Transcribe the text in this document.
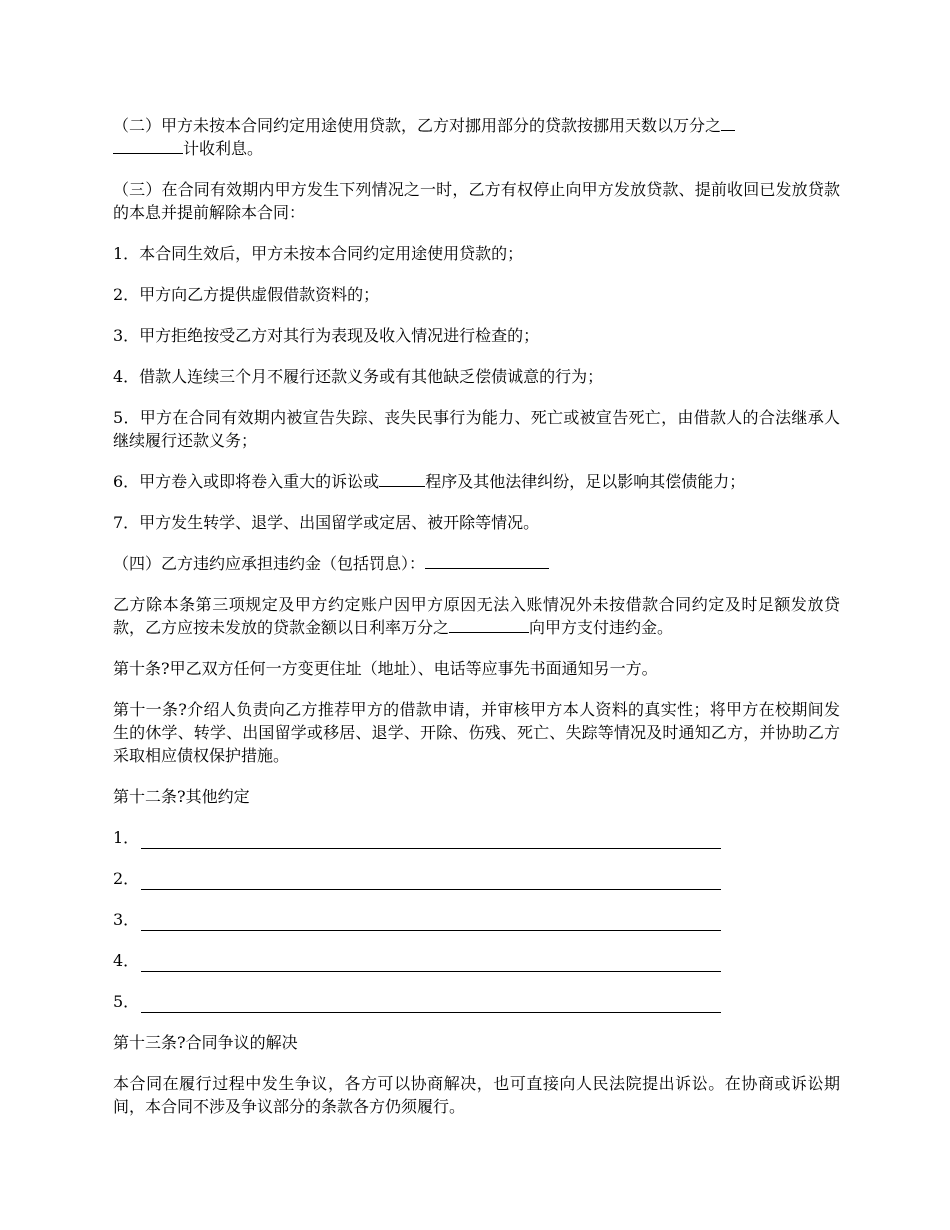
（二）甲方未按本合同约定用途使用贷款，乙方对挪用部分的贷款按挪用天数以万分之
计收利息。

（三）在合同有效期内甲方发生下列情况之一时，乙方有权停止向甲方发放贷款、提前收回已发放贷款的本息并提前解除本合同：

1．本合同生效后，甲方未按本合同约定用途使用贷款的；

2．甲方向乙方提供虚假借款资料的；

3．甲方拒绝按受乙方对其行为表现及收入情况进行检查的；

4．借款人连续三个月不履行还款义务或有其他缺乏偿债诚意的行为；

5．甲方在合同有效期内被宣告失踪、丧失民事行为能力、死亡或被宣告死亡，由借款人的合法继承人继续履行还款义务；

6．甲方卷入或即将卷入重大的诉讼或	程序及其他法律纠纷，足以影响其偿债能力；

7．甲方发生转学、退学、出国留学或定居、被开除等情况。

（四）乙方违约应承担违约金（包括罚息）：

乙方除本条第三项规定及甲方约定账户因甲方原因无法入账情况外未按借款合同约定及时足额发放贷款，乙方应按未发放的贷款金额以日利率万分之	向甲方支付违约金。

第十条?甲乙双方任何一方变更住址（地址）、电话等应事先书面通知另一方。

第十一条?介绍人负责向乙方推荐甲方的借款申请，并审核甲方本人资料的真实性；将甲方在校期间发生的休学、转学、出国留学或移居、退学、开除、伤残、死亡、失踪等情况及时通知乙方，并协助乙方采取相应债权保护措施。

第十二条?其他约定

1．
2．
3．
4．
5．

第十三条?合同争议的解决

本合同在履行过程中发生争议，各方可以协商解决，也可直接向人民法院提出诉讼。在协商或诉讼期间，本合同不涉及争议部分的条款各方仍须履行。
